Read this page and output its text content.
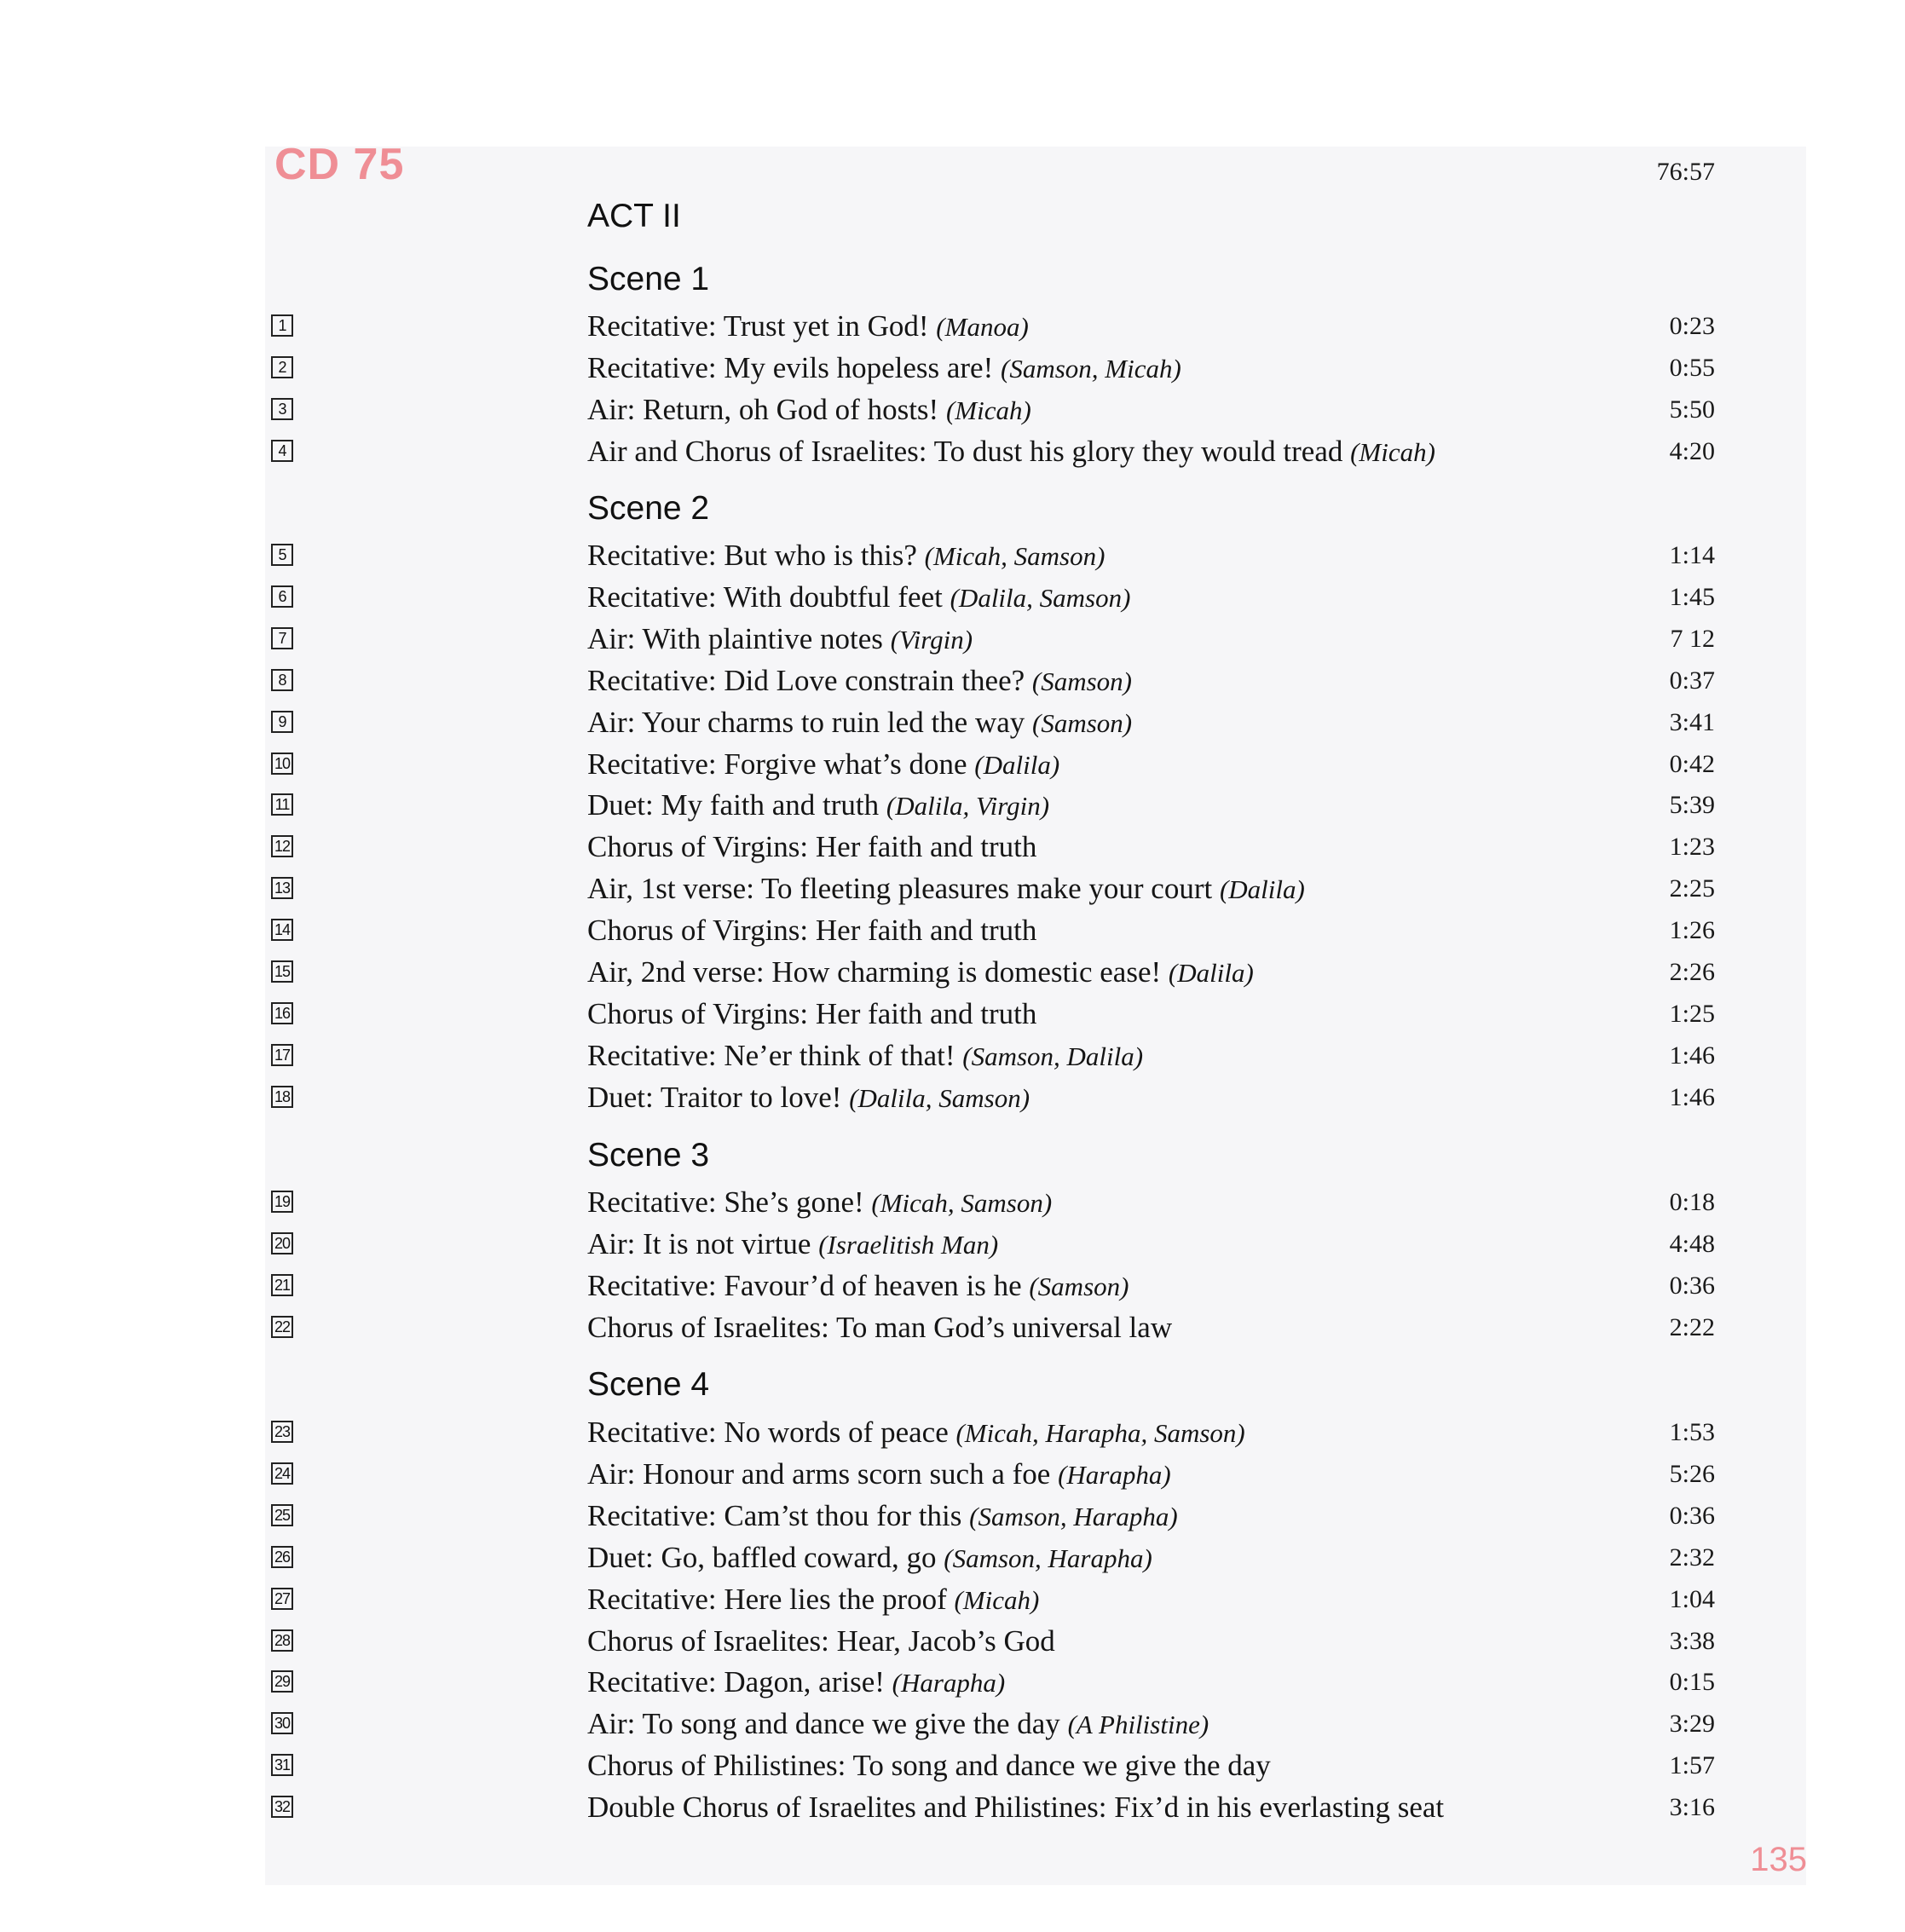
CD 75	76:57
ACT II
Scene 1
1	Recitative: Trust yet in God! (Manoa)	0:23
2	Recitative: My evils hopeless are! (Samson, Micah)	0:55
3	Air: Return, oh God of hosts! (Micah)	5:50
4	Air and Chorus of Israelites: To dust his glory they would tread (Micah)	4:20
Scene 2
5	Recitative: But who is this? (Micah, Samson)	1:14
6	Recitative: With doubtful feet (Dalila, Samson)	1:45
7	Air: With plaintive notes (Virgin)	7 12
8	Recitative: Did Love constrain thee? (Samson)	0:37
9	Air: Your charms to ruin led the way (Samson)	3:41
10	Recitative: Forgive what’s done (Dalila)	0:42
11	Duet: My faith and truth (Dalila, Virgin)	5:39
12	Chorus of Virgins: Her faith and truth	1:23
13	Air, 1st verse: To fleeting pleasures make your court (Dalila)	2:25
14	Chorus of Virgins: Her faith and truth	1:26
15	Air, 2nd verse: How charming is domestic ease! (Dalila)	2:26
16	Chorus of Virgins: Her faith and truth	1:25
17	Recitative: Ne’er think of that! (Samson, Dalila)	1:46
18	Duet: Traitor to love! (Dalila, Samson)	1:46
Scene 3
19	Recitative: She’s gone! (Micah, Samson)	0:18
20	Air: It is not virtue (Israelitish Man)	4:48
21	Recitative: Favour’d of heaven is he (Samson)	0:36
22	Chorus of Israelites: To man God’s universal law	2:22
Scene 4
23	Recitative: No words of peace (Micah, Harapha, Samson)	1:53
24	Air: Honour and arms scorn such a foe (Harapha)	5:26
25	Recitative: Cam’st thou for this (Samson, Harapha)	0:36
26	Duet: Go, baffled coward, go (Samson, Harapha)	2:32
27	Recitative: Here lies the proof (Micah)	1:04
28	Chorus of Israelites: Hear, Jacob’s God	3:38
29	Recitative: Dagon, arise! (Harapha)	0:15
30	Air: To song and dance we give the day (A Philistine)	3:29
31	Chorus of Philistines: To song and dance we give the day	1:57
32	Double Chorus of Israelites and Philistines: Fix’d in his everlasting seat	3:16
135
